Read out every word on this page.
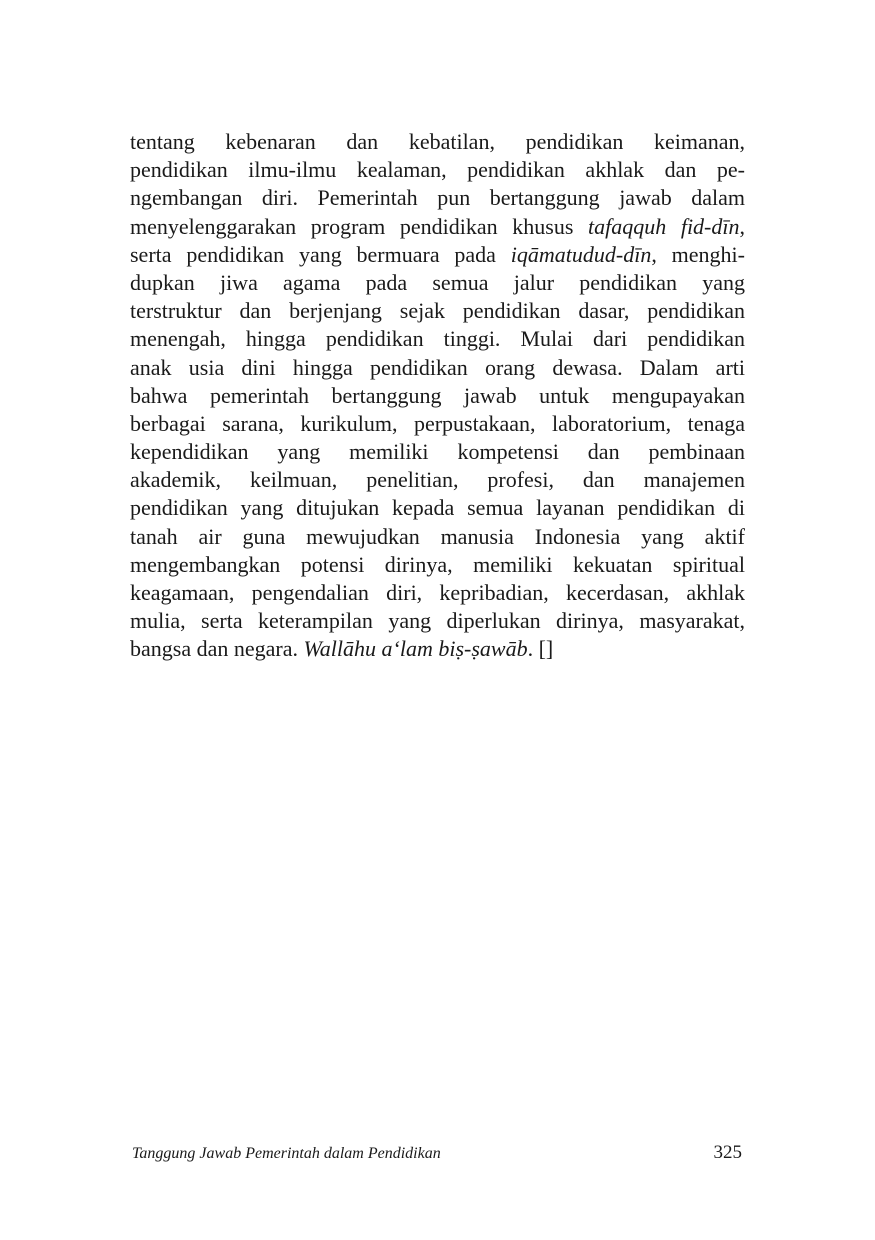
tentang kebenaran dan kebatilan, pendidikan keimanan,
pendidikan ilmu-ilmu kealaman, pendidikan akhlak dan pe-
ngembangan diri. Pemerintah pun bertanggung jawab dalam
menyelenggarakan program pendidikan khusus tafaqquh fid-dīn,
serta pendidikan yang bermuara pada iqāmatudud-dīn, menghi-
dupkan jiwa agama pada semua jalur pendidikan yang
terstruktur dan berjenjang sejak pendidikan dasar, pendidikan
menengah, hingga pendidikan tinggi. Mulai dari pendidikan
anak usia dini hingga pendidikan orang dewasa. Dalam arti
bahwa pemerintah bertanggung jawab untuk mengupayakan
berbagai sarana, kurikulum, perpustakaan, laboratorium, tenaga
kependidikan yang memiliki kompetensi dan pembinaan
akademik, keilmuan, penelitian, profesi, dan manajemen
pendidikan yang ditujukan kepada semua layanan pendidikan di
tanah air guna mewujudkan manusia Indonesia yang aktif
mengembangkan potensi dirinya, memiliki kekuatan spiritual
keagamaan, pengendalian diri, kepribadian, kecerdasan, akhlak
mulia, serta keterampilan yang diperlukan dirinya, masyarakat,
bangsa dan negara. Wallāhu a‘lam biṣ-ṣawāb. []
Tanggung Jawab Pemerintah dalam Pendidikan	325
